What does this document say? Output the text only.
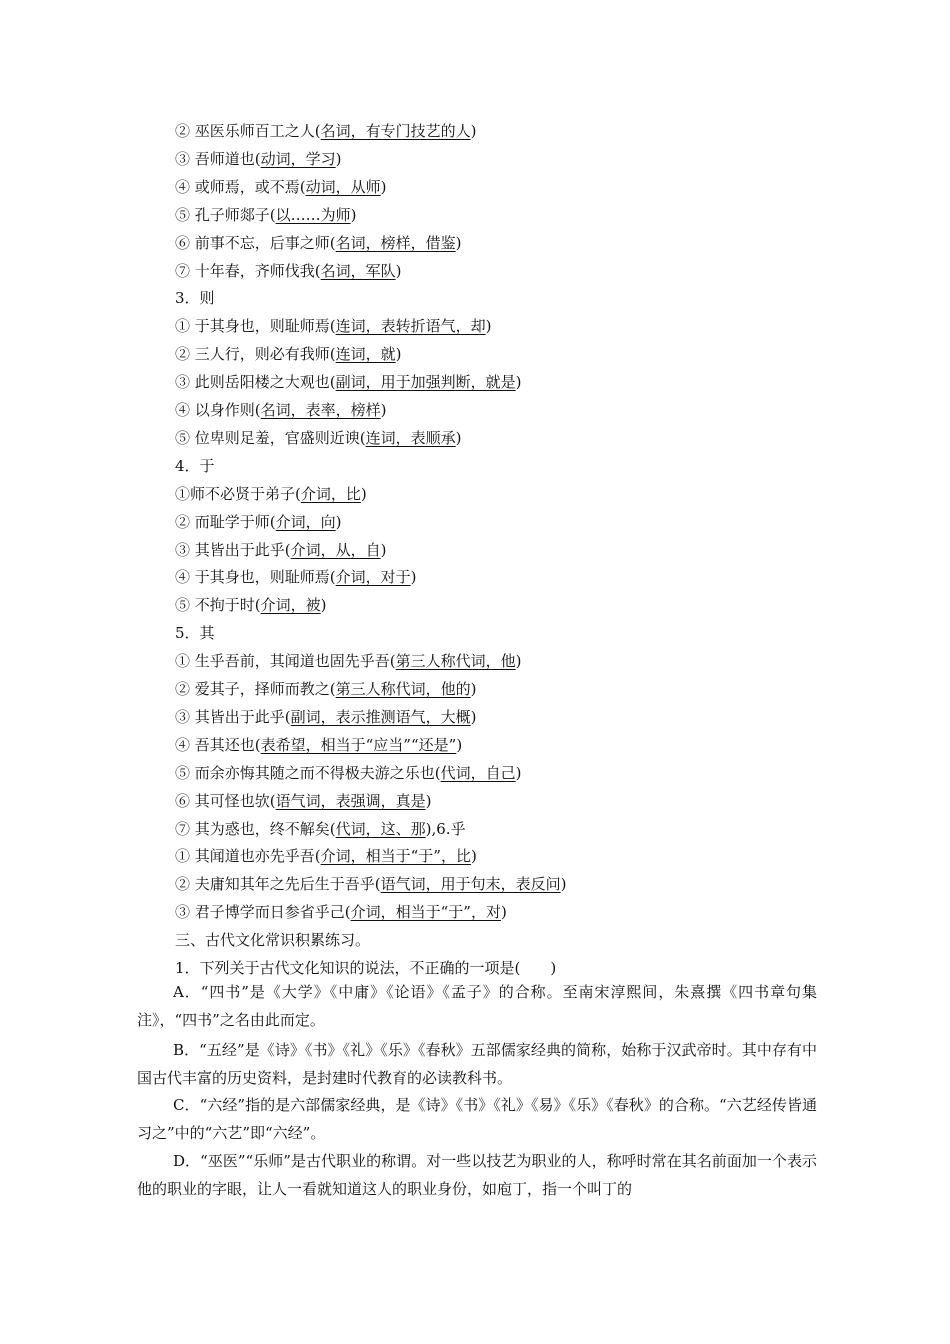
② 巫医乐师百工之人(名词，有专门技艺的人)
③ 吾师道也(动词，学习)
④ 或师焉，或不焉(动词，从师)
⑤ 孔子师郯子(以……为师)
⑥ 前事不忘，后事之师(名词，榜样，借鉴)
⑦ 十年春，齐师伐我(名词，军队)
3．则
① 于其身也，则耻师焉(连词，表转折语气，却)
② 三人行，则必有我师(连词，就)
③ 此则岳阳楼之大观也(副词，用于加强判断，就是)
④ 以身作则(名词，表率，榜样)
⑤ 位卑则足羞，官盛则近谀(连词，表顺承)
4．于
①师不必贤于弟子(介词，比)
② 而耻学于师(介词，向)
③ 其皆出于此乎(介词，从，自)
④ 于其身也，则耻师焉(介词，对于)
⑤ 不拘于时(介词，被)
5．其
① 生乎吾前，其闻道也固先乎吾(第三人称代词，他)
② 爱其子，择师而教之(第三人称代词，他的)
③ 其皆出于此乎(副词，表示推测语气，大概)
④ 吾其还也(表希望，相当于“应当”“还是”)
⑤ 而余亦悔其随之而不得极夫游之乐也(代词，自己)
⑥ 其可怪也欤(语气词，表强调，真是)
⑦ 其为惑也，终不解矣(代词，这、那),6.乎
① 其闻道也亦先乎吾(介词，相当于“于”，比)
② 夫庸知其年之先后生于吾乎(语气词，用于句末，表反问)
③ 君子博学而日参省乎己(介词，相当于“于”，对)
三、古代文化常识积累练习。
1．下列关于古代文化知识的说法，不正确的一项是(　　)
A．“四书”是《大学》《中庸》《论语》《孟子》的合称。至南宋淳熙间，朱熹撰《四书章句集注》，“四书”之名由此而定。
B．“五经”是《诗》《书》《礼》《乐》《春秋》五部儒家经典的简称，始称于汉武帝时。其中存有中国古代丰富的历史资料，是封建时代教育的必读教科书。
C．“六经”指的是六部儒家经典，是《诗》《书》《礼》《易》《乐》《春秋》的合称。“六艺经传皆通习之”中的“六艺”即“六经”。
D．“巫医”“乐师”是古代职业的称谓。对一些以技艺为职业的人，称呼时常在其名前面加一个表示他的职业的字眼，让人一看就知道这人的职业身份，如庖丁，指一个叫丁的
